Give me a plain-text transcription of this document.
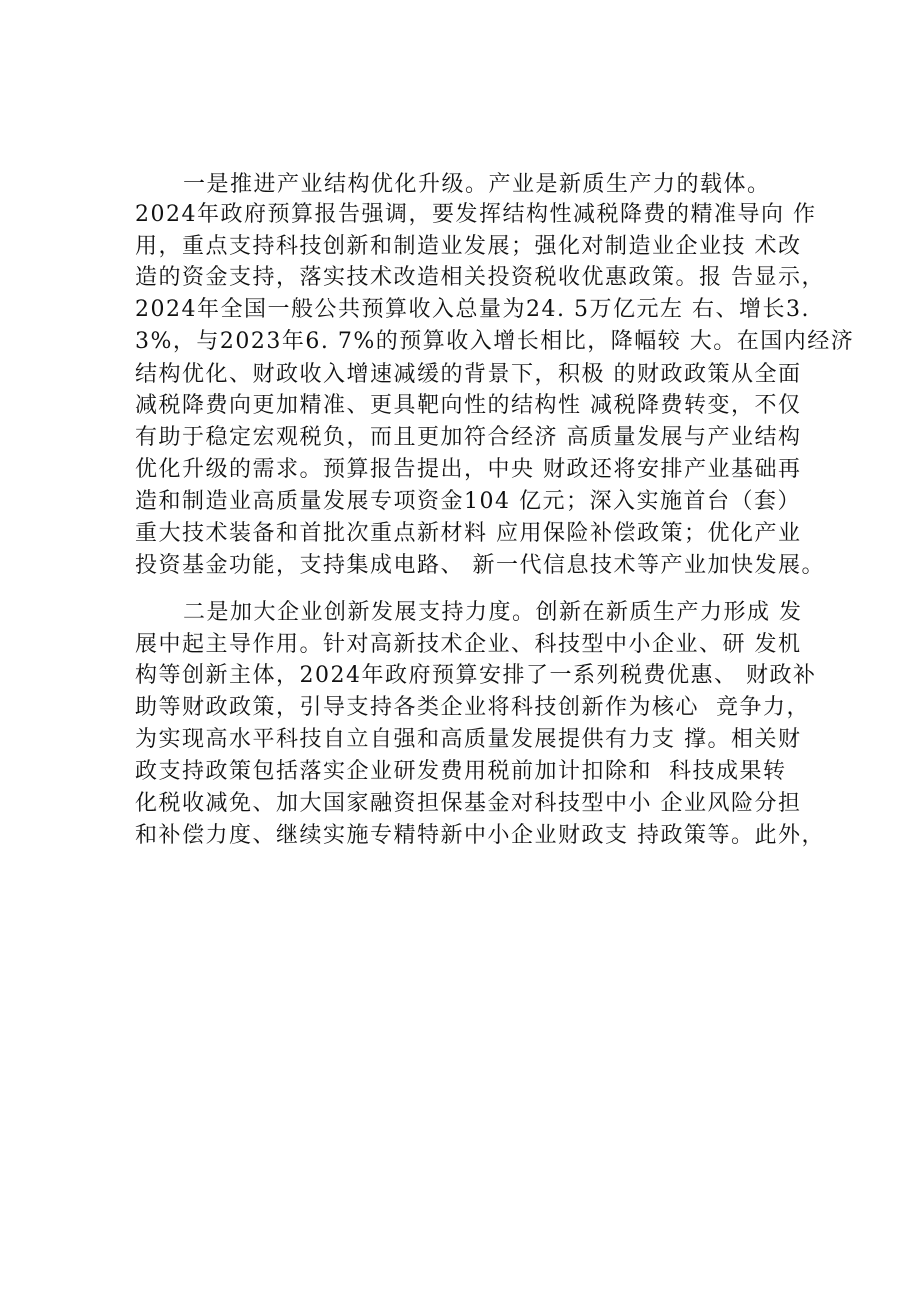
一是推进产业结构优化升级。产业是新质生产力的载体。
2024年政府预算报告强调，要发挥结构性减税降费的精准导向 作
用，重点支持科技创新和制造业发展；强化对制造业企业技 术改
造的资金支持，落实技术改造相关投资税收优惠政策。报 告显示，
2024年全国一般公共预算收入总量为24. 5万亿元左 右、增长3.
3%，与2023年6. 7%的预算收入增长相比，降幅较 大。在国内经济
结构优化、财政收入增速减缓的背景下，积极 的财政政策从全面
减税降费向更加精准、更具靶向性的结构性 减税降费转变，不仅
有助于稳定宏观税负，而且更加符合经济 高质量发展与产业结构
优化升级的需求。预算报告提出，中央 财政还将安排产业基础再
造和制造业高质量发展专项资金104 亿元；深入实施首台（套）
重大技术装备和首批次重点新材料 应用保险补偿政策；优化产业
投资基金功能，支持集成电路、 新一代信息技术等产业加快发展。
二是加大企业创新发展支持力度。创新在新质生产力形成 发
展中起主导作用。针对高新技术企业、科技型中小企业、研 发机
构等创新主体，2024年政府预算安排了一系列税费优惠、 财政补
助等财政政策，引导支持各类企业将科技创新作为核心  竞争力，
为实现高水平科技自立自强和高质量发展提供有力支 撑。相关财
政支持政策包括落实企业研发费用税前加计扣除和  科技成果转
化税收减免、加大国家融资担保基金对科技型中小 企业风险分担
和补偿力度、继续实施专精特新中小企业财政支 持政策等。此外，
